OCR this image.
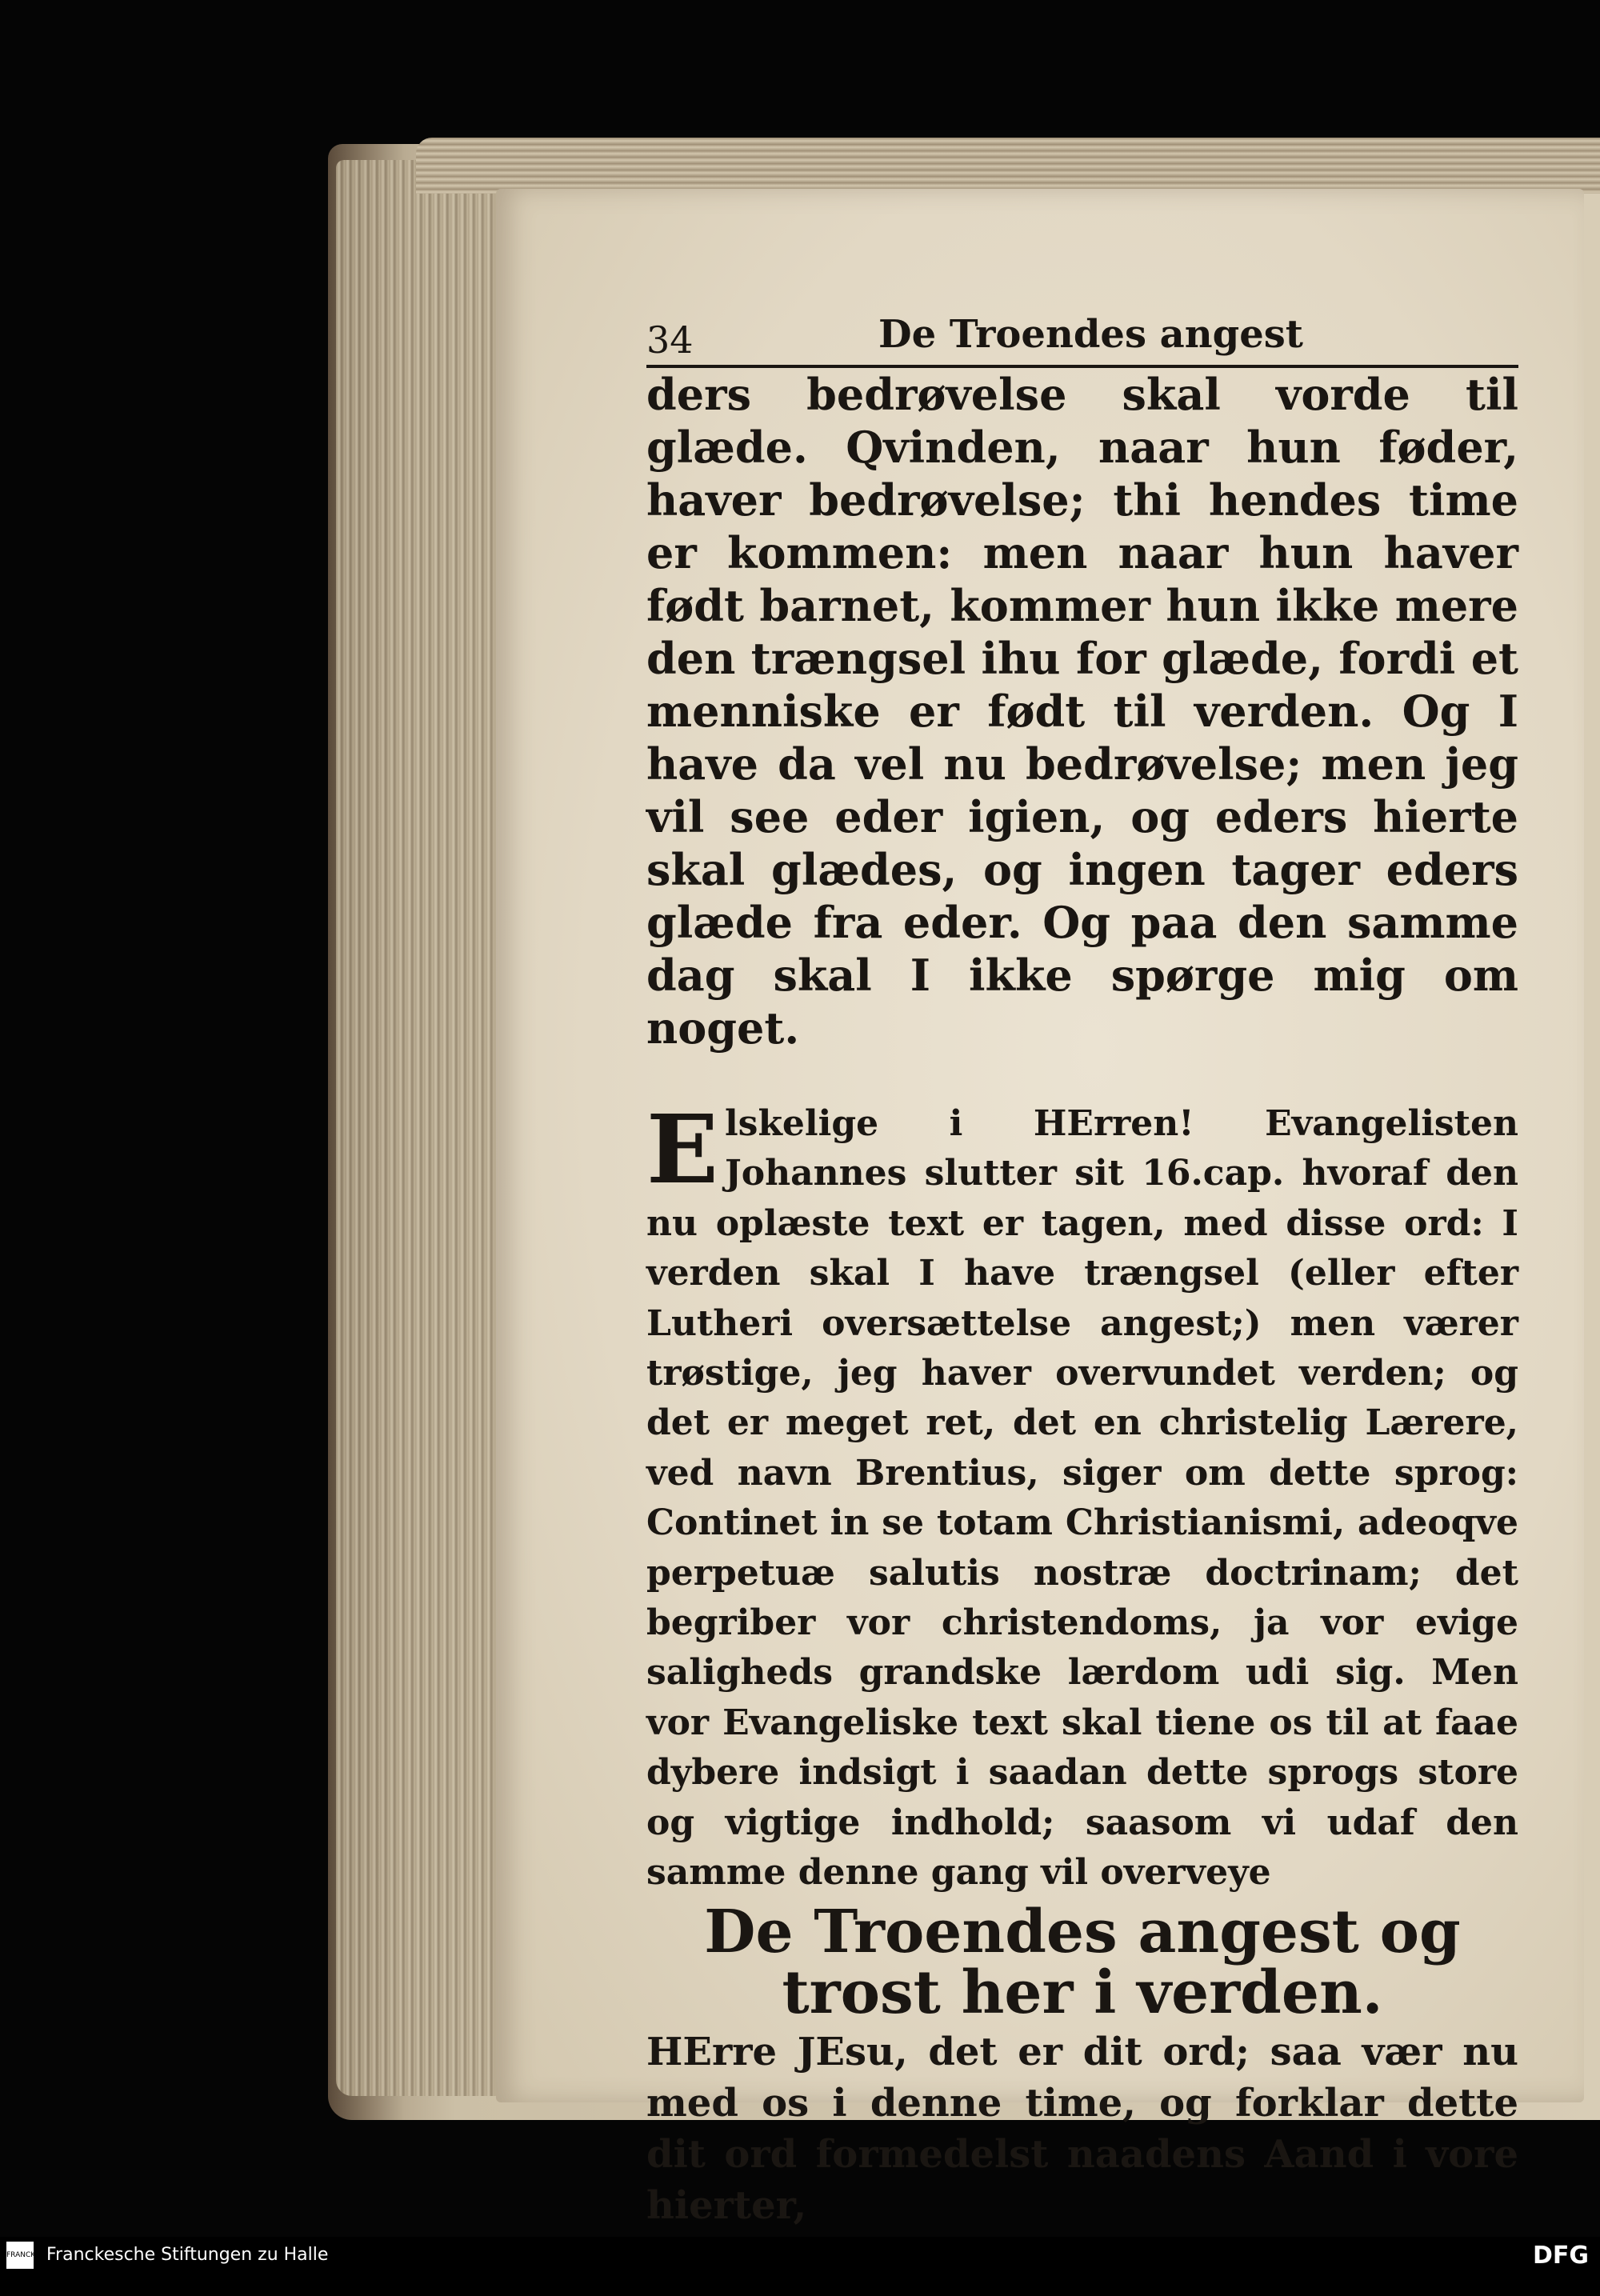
34	De Troendes angest

ders bedrøvelse skal vorde til glæde. Qvinden, naar hun føder, haver bedrøvelse; thi hendes time er kommen: men naar hun haver født barnet, kommer hun ikke mere den trængsel ihu for glæde, fordi et menniske er født til verden. Og I have da vel nu bedrøvelse; men jeg vil see eder igien, og eders hierte skal glædes, og ingen tager eders glæde fra eder. Og paa den samme dag skal I ikke spørge mig om noget.

E lskelige i HErren! Evangelisten Johannes slutter sit 16.cap. hvoraf den nu oplæste text er tagen, med disse ord: I verden skal I have trængsel (eller efter Lutheri oversættelse angest;) men værer trøstige, jeg haver overvundet verden; og det er meget ret, det en christelig Lærere, ved navn Brentius, siger om dette sprog: Continet in se totam Christianismi, adeoqve perpetuæ salutis nostræ doctrinam; det begriber vor christendoms, ja vor evige saligheds grandske lærdom udi sig. Men vor Evangeliske text skal tiene os til at faae dybere indsigt i saadan dette sprogs store og vigtige indhold; saasom vi udaf den samme denne gang vil overveye

De Troendes angest og trost her i verden.

HErre JEsu, det er dit ord; saa vær nu med os i denne time, og forklar dette dit ord formedelst naadens Aand i vore hierter,

FRANCKESCHE STIFTUNGEN
Franckesche Stiftungen zu Halle	DFG
